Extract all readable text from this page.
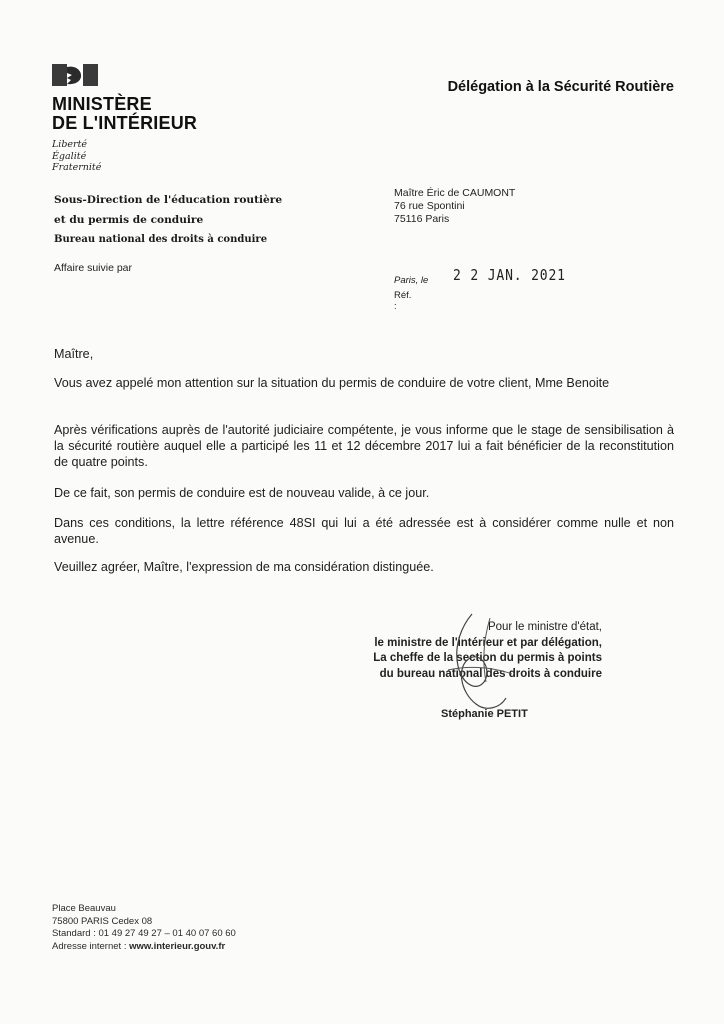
MINISTÈRE
DE L'INTÉRIEUR
Liberté
Égalité
Fraternité
Délégation à la Sécurité Routière
Sous-Direction de l'éducation routière
et du permis de conduire
Bureau national des droits à conduire
Affaire suivie par
Maître Éric de CAUMONT
76 rue Spontini
75116 Paris
Paris, le 2 2 JAN. 2021
Réf. :
Maître,
Vous avez appelé mon attention sur la situation du permis de conduire de votre client, Mme Benoite
Après vérifications auprès de l'autorité judiciaire compétente, je vous informe que le stage de sensibilisation à la sécurité routière auquel elle a participé les 11 et 12 décembre 2017 lui a fait bénéficier de la reconstitution de quatre points.
De ce fait, son permis de conduire est de nouveau valide, à ce jour.
Dans ces conditions, la lettre référence 48SI qui lui a été adressée est à considérer comme nulle et non avenue.
Veuillez agréer, Maître, l'expression de ma considération distinguée.
Pour le ministre d'état,
le ministre de l'intérieur et par délégation,
La cheffe de la section du permis à points
du bureau national des droits à conduire
Stéphanie PETIT
Place Beauvau
75800 PARIS Cedex 08
Standard : 01 49 27 49 27 – 01 40 07 60 60
Adresse internet : www.interieur.gouv.fr
